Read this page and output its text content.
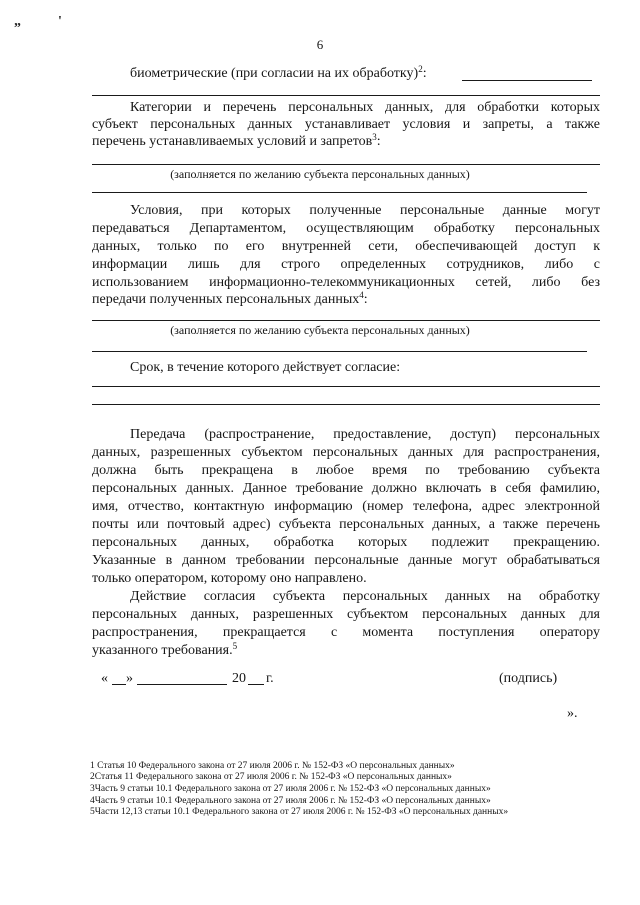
„	'
6
биометрические (при согласии на их обработку)$^2$:
Категории и перечень персональных данных, для обработки которых
субъект персональных данных устанавливает условия и запреты, а также
перечень устанавливаемых условий и запретов$^3$:
(заполняется по желанию субъекта персональных данных)
Условия, при которых полученные персональные данные могут
передаваться Департаментом, осуществляющим обработку персональных
данных, только по его внутренней сети, обеспечивающей доступ к
информации лишь для строго определенных сотрудников, либо с
использованием информационно-телекоммуникационных сетей, либо без
передачи полученных персональных данных$^4$:
(заполняется по желанию субъекта персональных данных)
Срок, в течение которого действует согласие:
Передача (распространение, предоставление, доступ) персональных
данных, разрешенных субъектом персональных данных для распространения,
должна быть прекращена в любое время по требованию субъекта
персональных данных. Данное требование должно включать в себя фамилию,
имя, отчество, контактную информацию (номер телефона, адрес электронной
почты или почтовый адрес) субъекта персональных данных, а также перечень
персональных данных, обработка которых подлежит прекращению.
Указанные в данном требовании персональные данные могут обрабатываться
только оператором, которому оно направлено.
Действие согласия субъекта персональных данных на обработку
персональных данных, разрешенных субъектом персональных данных для
распространения, прекращается с момента поступления оператору
указанного требования.$^5$
« »	20 г.	(подпись)
».
1 Статья 10 Федерального закона от 27 июля 2006 г. № 152-ФЗ «О персональных данных»
2Статья 11 Федерального закона от 27 июля 2006 г. № 152-ФЗ «О персональных данных»
3Часть 9 статьи 10.1 Федерального закона от 27 июля 2006 г. № 152-ФЗ «О персональных данных»
4Часть 9 статьи 10.1 Федерального закона от 27 июля 2006 г. № 152-ФЗ «О персональных данных»
5Части 12,13 статьи 10.1 Федерального закона от 27 июля 2006 г. № 152-ФЗ «О персональных данных»
